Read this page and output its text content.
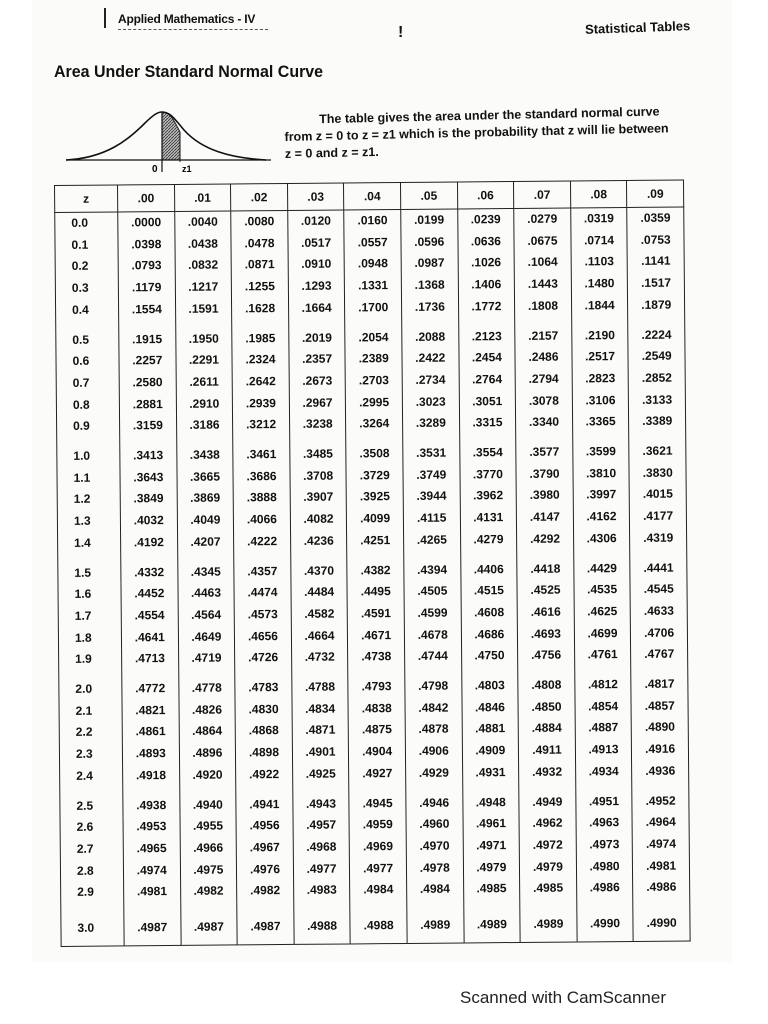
Applied Mathematics - IV
!	Statistical Tables
Area Under Standard Normal Curve
0	z1
The table gives the area under the standard normal curve
from z = 0 to z = z1 which is the probability that z will lie between
z = 0 and z = z1.
z	.00	.01	.02	.03	.04	.05	.06	.07	.08	.09
0.0	.0000	.0040	.0080	.0120	.0160	.0199	.0239	.0279	.0319	.0359
0.1	.0398	.0438	.0478	.0517	.0557	.0596	.0636	.0675	.0714	.0753
0.2	.0793	.0832	.0871	.0910	.0948	.0987	.1026	.1064	.1103	.1141
0.3	.1179	.1217	.1255	.1293	.1331	.1368	.1406	.1443	.1480	.1517
0.4	.1554	.1591	.1628	.1664	.1700	.1736	.1772	.1808	.1844	.1879
0.5	.1915	.1950	.1985	.2019	.2054	.2088	.2123	.2157	.2190	.2224
0.6	.2257	.2291	.2324	.2357	.2389	.2422	.2454	.2486	.2517	.2549
0.7	.2580	.2611	.2642	.2673	.2703	.2734	.2764	.2794	.2823	.2852
0.8	.2881	.2910	.2939	.2967	.2995	.3023	.3051	.3078	.3106	.3133
0.9	.3159	.3186	.3212	.3238	.3264	.3289	.3315	.3340	.3365	.3389
1.0	.3413	.3438	.3461	.3485	.3508	.3531	.3554	.3577	.3599	.3621
1.1	.3643	.3665	.3686	.3708	.3729	.3749	.3770	.3790	.3810	.3830
1.2	.3849	.3869	.3888	.3907	.3925	.3944	.3962	.3980	.3997	.4015
1.3	.4032	.4049	.4066	.4082	.4099	.4115	.4131	.4147	.4162	.4177
1.4	.4192	.4207	.4222	.4236	.4251	.4265	.4279	.4292	.4306	.4319
1.5	.4332	.4345	.4357	.4370	.4382	.4394	.4406	.4418	.4429	.4441
1.6	.4452	.4463	.4474	.4484	.4495	.4505	.4515	.4525	.4535	.4545
1.7	.4554	.4564	.4573	.4582	.4591	.4599	.4608	.4616	.4625	.4633
1.8	.4641	.4649	.4656	.4664	.4671	.4678	.4686	.4693	.4699	.4706
1.9	.4713	.4719	.4726	.4732	.4738	.4744	.4750	.4756	.4761	.4767
2.0	.4772	.4778	.4783	.4788	.4793	.4798	.4803	.4808	.4812	.4817
2.1	.4821	.4826	.4830	.4834	.4838	.4842	.4846	.4850	.4854	.4857
2.2	.4861	.4864	.4868	.4871	.4875	.4878	.4881	.4884	.4887	.4890
2.3	.4893	.4896	.4898	.4901	.4904	.4906	.4909	.4911	.4913	.4916
2.4	.4918	.4920	.4922	.4925	.4927	.4929	.4931	.4932	.4934	.4936
2.5	.4938	.4940	.4941	.4943	.4945	.4946	.4948	.4949	.4951	.4952
2.6	.4953	.4955	.4956	.4957	.4959	.4960	.4961	.4962	.4963	.4964
2.7	.4965	.4966	.4967	.4968	.4969	.4970	.4971	.4972	.4973	.4974
2.8	.4974	.4975	.4976	.4977	.4977	.4978	.4979	.4979	.4980	.4981
2.9	.4981	.4982	.4982	.4983	.4984	.4984	.4985	.4985	.4986	.4986
3.0	.4987	.4987	.4987	.4988	.4988	.4989	.4989	.4989	.4990	.4990
Scanned with CamScanner
